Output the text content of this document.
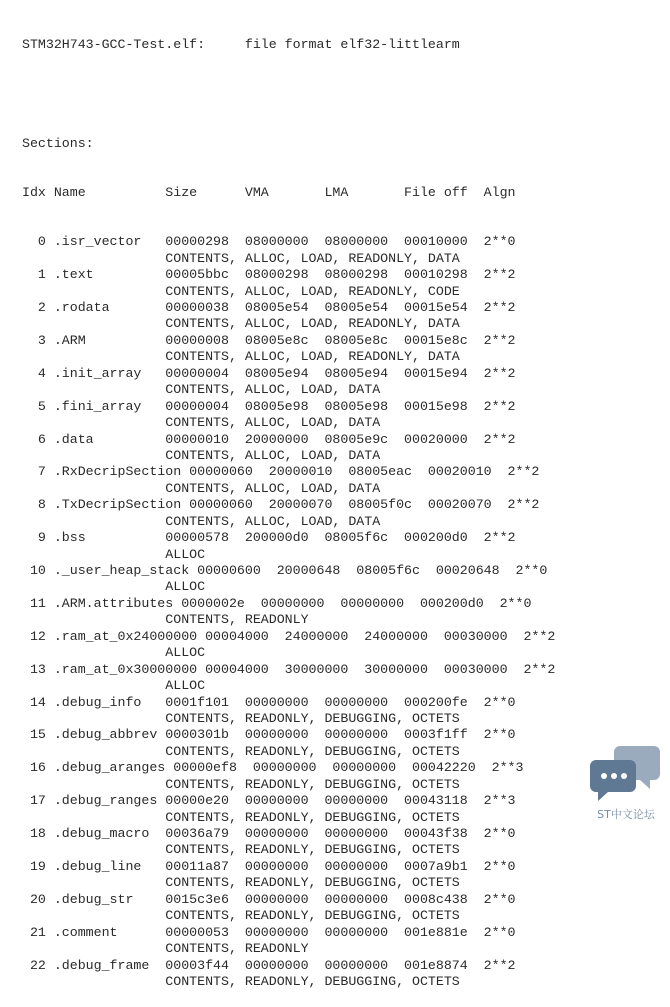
STM32H743-GCC-Test.elf:     file format elf32-littlearm

Sections:

Idx Name          Size      VMA       LMA       File off  Algn

0 .isr_vector   00000298  08000000  08000000  00010000  2**0
CONTENTS, ALLOC, LOAD, READONLY, DATA
1 .text         00005bbc  08000298  08000298  00010298  2**2
CONTENTS, ALLOC, LOAD, READONLY, CODE
2 .rodata       00000038  08005e54  08005e54  00015e54  2**2
CONTENTS, ALLOC, LOAD, READONLY, DATA
3 .ARM          00000008  08005e8c  08005e8c  00015e8c  2**2
CONTENTS, ALLOC, LOAD, READONLY, DATA
4 .init_array   00000004  08005e94  08005e94  00015e94  2**2
CONTENTS, ALLOC, LOAD, DATA
5 .fini_array   00000004  08005e98  08005e98  00015e98  2**2
CONTENTS, ALLOC, LOAD, DATA
6 .data         00000010  20000000  08005e9c  00020000  2**2
CONTENTS, ALLOC, LOAD, DATA
7 .RxDecripSection 00000060  20000010  08005eac  00020010  2**2
CONTENTS, ALLOC, LOAD, DATA
8 .TxDecripSection 00000060  20000070  08005f0c  00020070  2**2
CONTENTS, ALLOC, LOAD, DATA
9 .bss          00000578  200000d0  08005f6c  000200d0  2**2
ALLOC
10 ._user_heap_stack 00000600  20000648  08005f6c  00020648  2**0
ALLOC
11 .ARM.attributes 0000002e  00000000  00000000  000200d0  2**0
CONTENTS, READONLY
12 .ram_at_0x24000000 00004000  24000000  24000000  00030000  2**2
ALLOC
13 .ram_at_0x30000000 00004000  30000000  30000000  00030000  2**2
ALLOC
14 .debug_info   0001f101  00000000  00000000  000200fe  2**0
CONTENTS, READONLY, DEBUGGING, OCTETS
15 .debug_abbrev 0000301b  00000000  00000000  0003f1ff  2**0
CONTENTS, READONLY, DEBUGGING, OCTETS
16 .debug_aranges 00000ef8  00000000  00000000  00042220  2**3
CONTENTS, READONLY, DEBUGGING, OCTETS
17 .debug_ranges 00000e20  00000000  00000000  00043118  2**3
CONTENTS, READONLY, DEBUGGING, OCTETS
18 .debug_macro  00036a79  00000000  00000000  00043f38  2**0
CONTENTS, READONLY, DEBUGGING, OCTETS
19 .debug_line   00011a87  00000000  00000000  0007a9b1  2**0
CONTENTS, READONLY, DEBUGGING, OCTETS
20 .debug_str    0015c3e6  00000000  00000000  0008c438  2**0
CONTENTS, READONLY, DEBUGGING, OCTETS
21 .comment      00000053  00000000  00000000  001e881e  2**0
CONTENTS, READONLY
22 .debug_frame  00003f44  00000000  00000000  001e8874  2**2
CONTENTS, READONLY, DEBUGGING, OCTETS

ST中文论坛
